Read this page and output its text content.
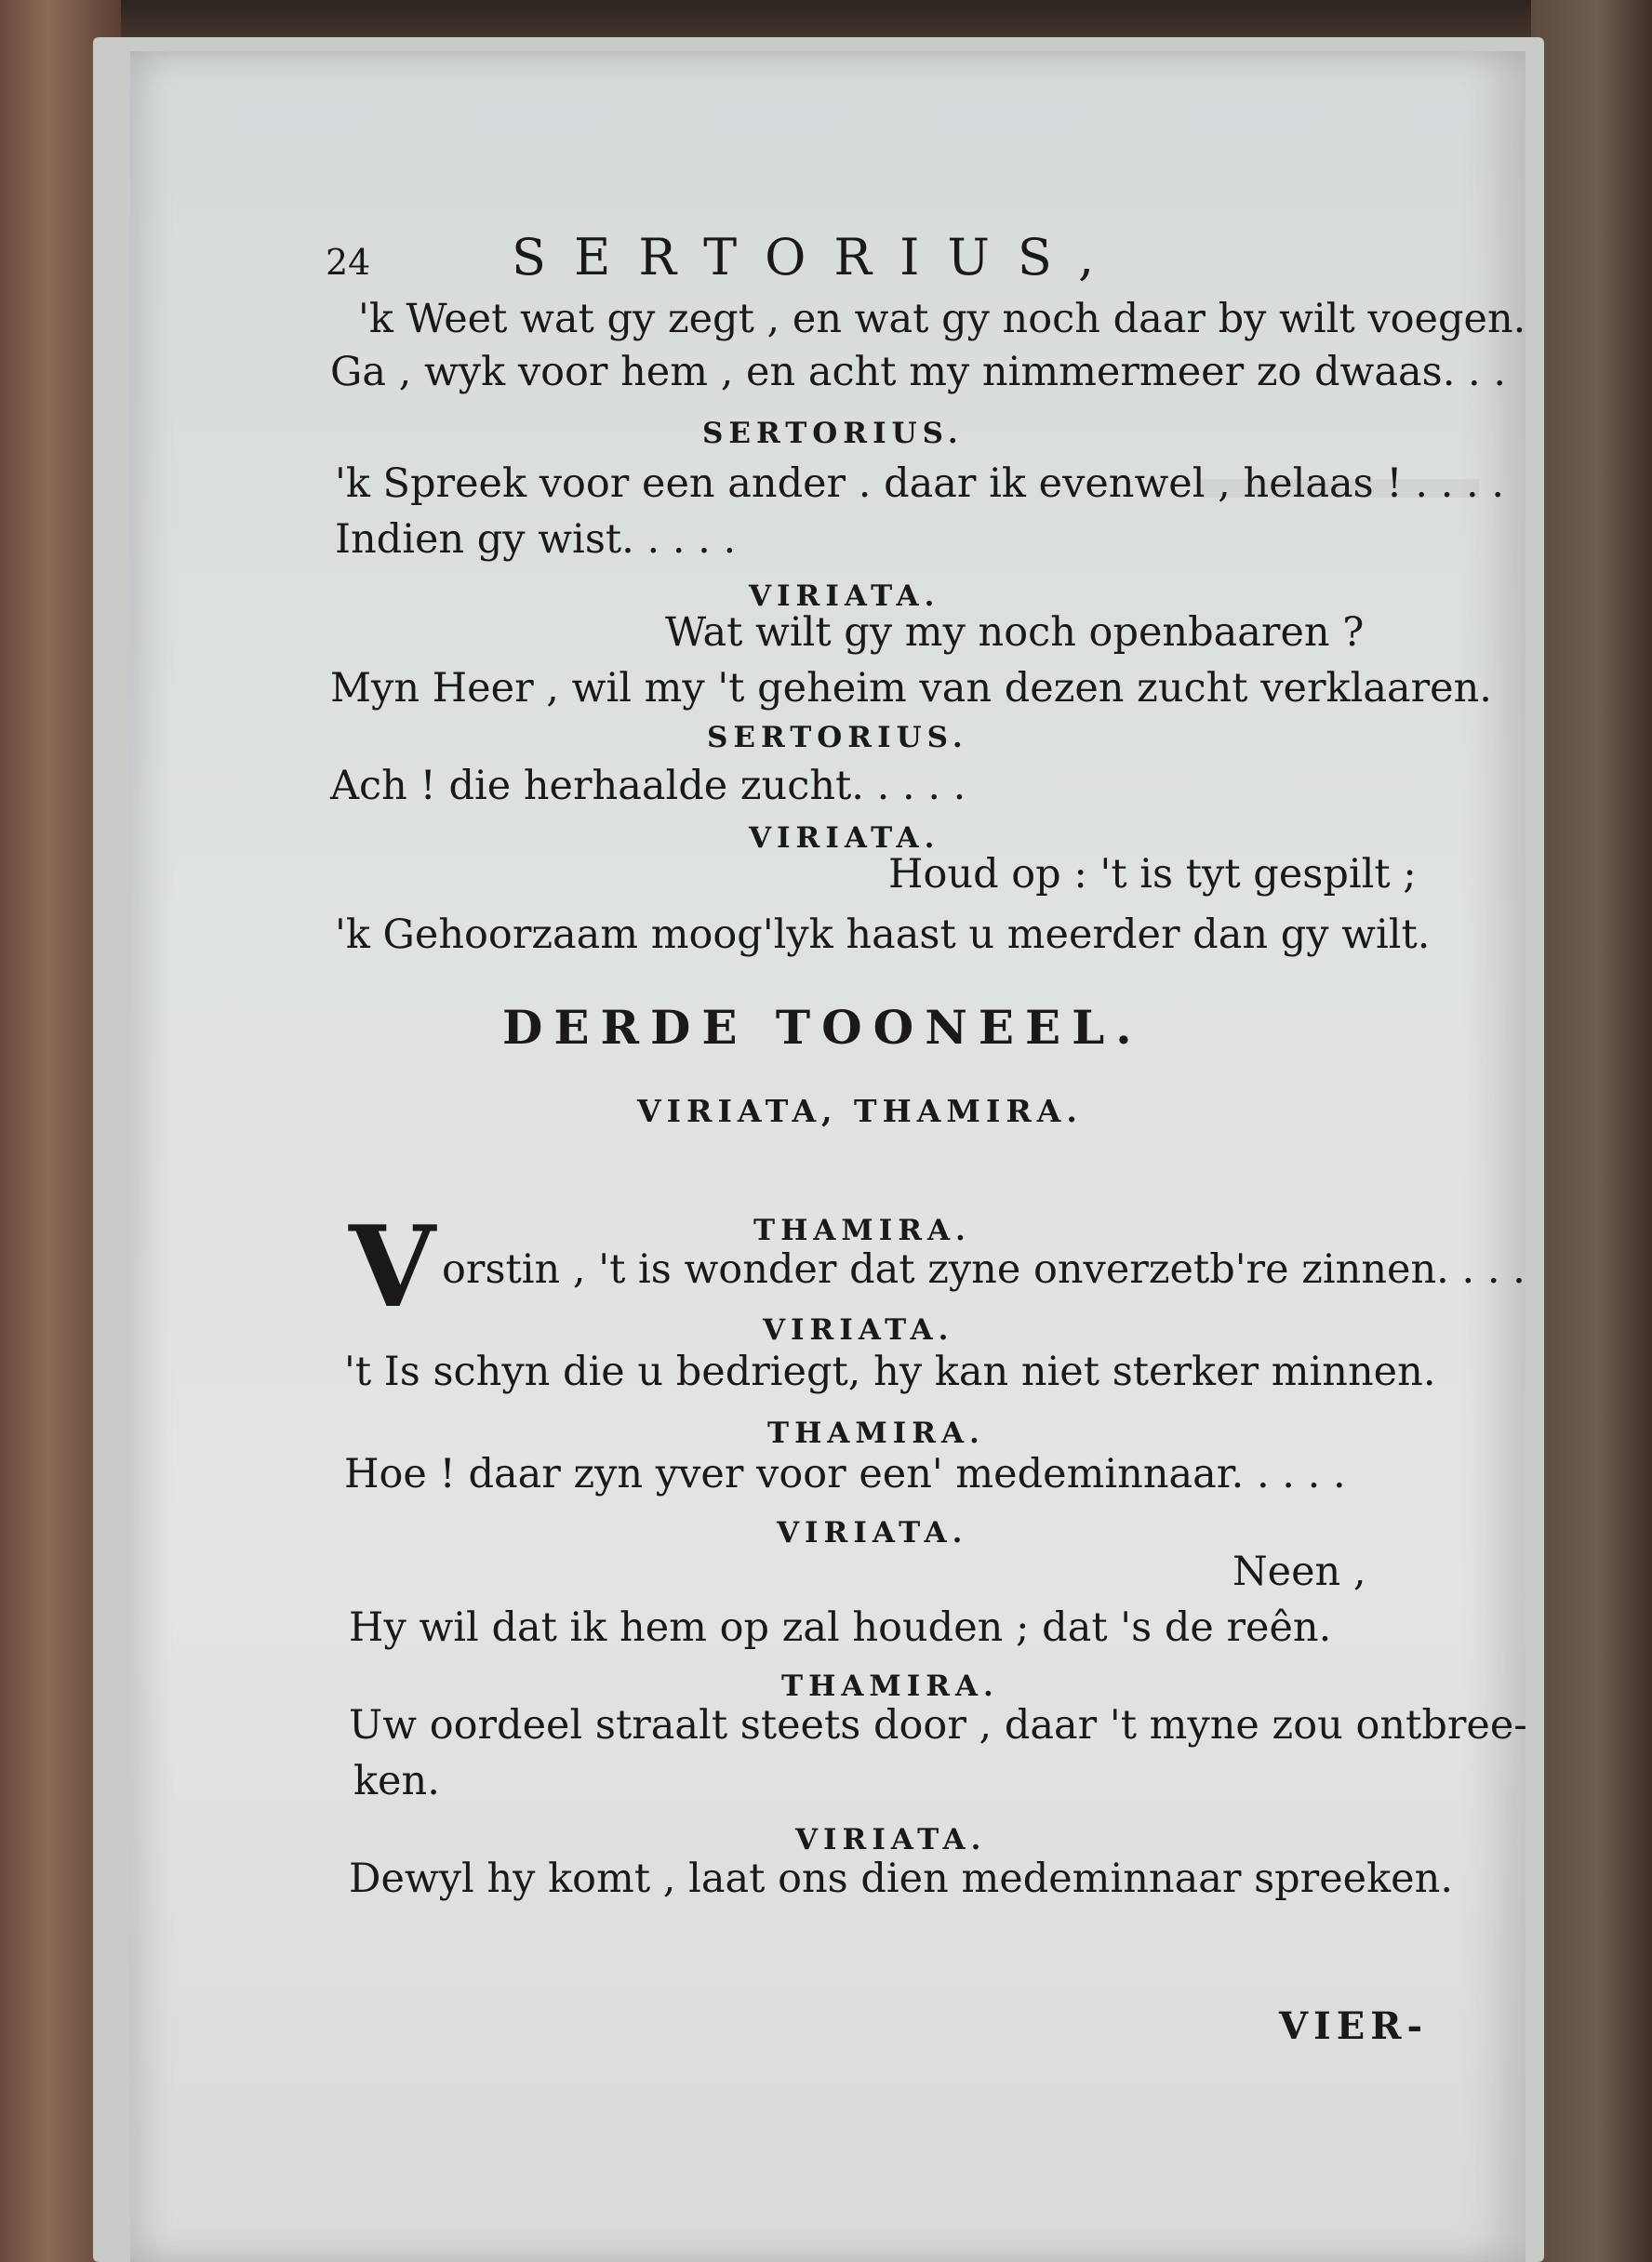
24	SERTORIUS,
'k Weet wat gy zegt , en wat gy noch daar by wilt voegen.
Ga , wyk voor hem , en acht my nimmermeer zo dwaas. . .
SERTORIUS.
'k Spreek voor een ander . daar ik evenwel , helaas ! . . . .
Indien gy wist. . . . .
VIRIATA.
Wat wilt gy my noch openbaaren ?
Myn Heer , wil my 't geheim van dezen zucht verklaaren.
SERTORIUS.
Ach ! die herhaalde zucht. . . . .
VIRIATA.
Houd op : 't is tyt gespilt ;
'k Gehoorzaam moog'lyk haast u meerder dan gy wilt.
DERDE TOONEEL.
VIRIATA, THAMIRA.
THAMIRA.
V orstin , 't is wonder dat zyne onverzetb're zinnen. . . .
VIRIATA.
't Is schyn die u bedriegt, hy kan niet sterker minnen.
THAMIRA.
Hoe ! daar zyn yver voor een' medeminnaar. . . . .
VIRIATA.
Neen ,
Hy wil dat ik hem op zal houden ; dat 's de reên.
THAMIRA.
Uw oordeel straalt steets door , daar 't myne zou ontbree-
ken.
VIRIATA.
Dewyl hy komt , laat ons dien medeminnaar spreeken.
VIER-
